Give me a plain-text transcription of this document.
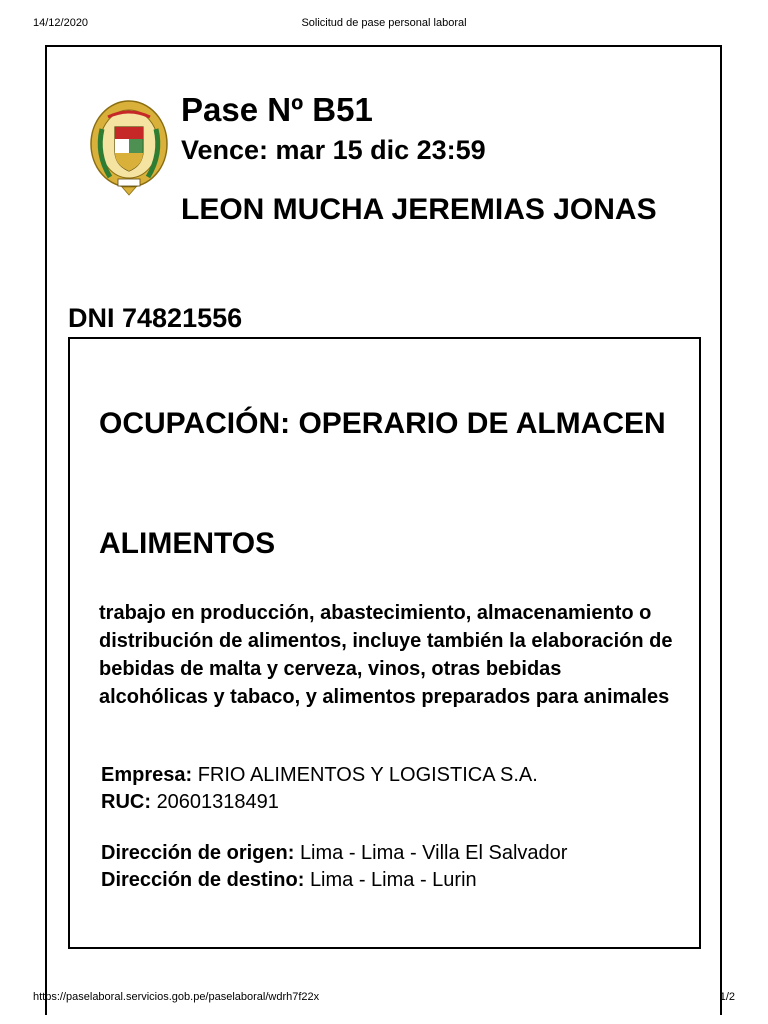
14/12/2020	Solicitud de pase personal laboral
Pase Nº B51
Vence: mar 15 dic 23:59
LEON MUCHA JEREMIAS JONAS
DNI 74821556
OCUPACIÓN: OPERARIO DE ALMACEN
ALIMENTOS
trabajo en producción, abastecimiento, almacenamiento o distribución de alimentos, incluye también la elaboración de bebidas de malta y cerveza, vinos, otras bebidas alcohólicas y tabaco, y alimentos preparados para animales
Empresa: FRIO ALIMENTOS Y LOGISTICA S.A.
RUC: 20601318491
Dirección de origen: Lima - Lima - Villa El Salvador
Dirección de destino: Lima - Lima - Lurin
https://paselaboral.servicios.gob.pe/paselaboral/wdrh7f22x	1/2
